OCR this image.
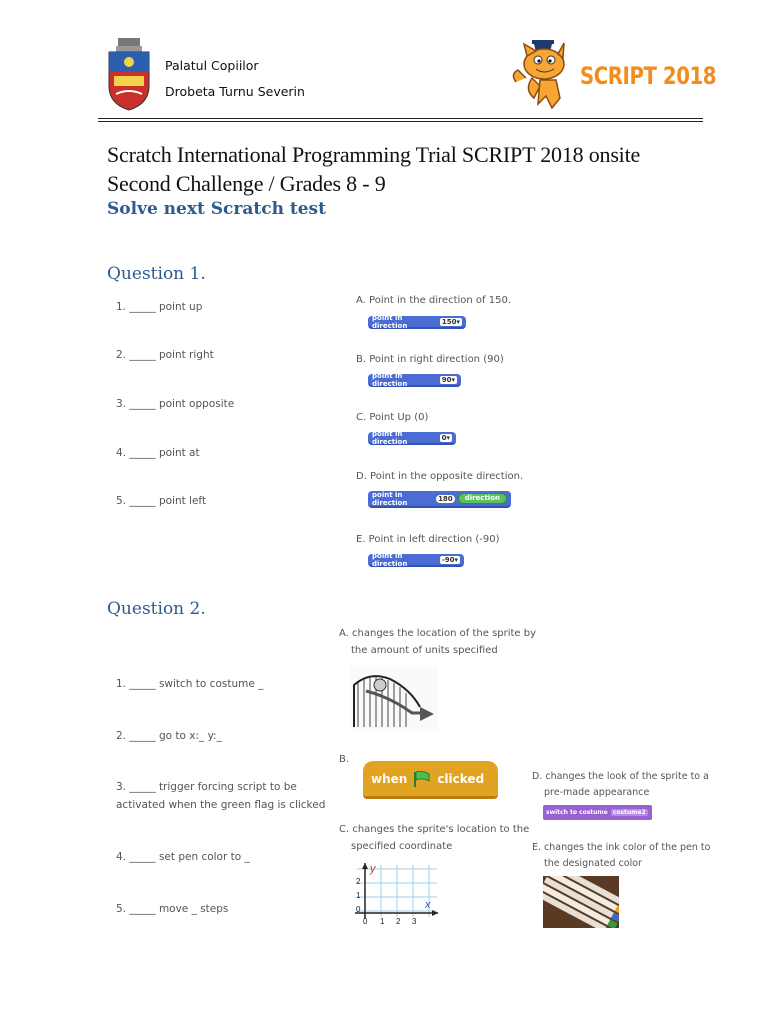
Palatul Copiilor
Drobeta Turnu Severin
SCRIPT 2018
Scratch International Programming Trial SCRIPT 2018 onsite
Second Challenge / Grades 8 - 9
Solve next Scratch test
Question 1.
1. _____ point up
2. _____ point right
3. _____ point opposite
4. _____ point at
5. _____ point left
A. Point in the direction of 150.
point in direction	150▾
B. Point in right direction (90)
point in direction	90▾
C. Point Up (0)
point in direction	0▾
D. Point in the opposite direction.
point in direction	180	direction
E. Point in left direction (-90)
point in direction	-90▾
Question 2.
1. _____ switch to costume _
2. _____ go to x:_ y:_
3. _____ trigger forcing script to be
activated when the green flag is clicked
4. _____ set pen color to _
5. _____ move _ steps
A. changes the location of the sprite by
the amount of units specified
B.
when	clicked
C. changes the sprite's location to the
specified coordinate
y
x
2
1
0
0 1 2 3
D. changes the look of the sprite to a
pre-made appearance
switch to costume costume2
E. changes the ink color of the pen to
the designated color
